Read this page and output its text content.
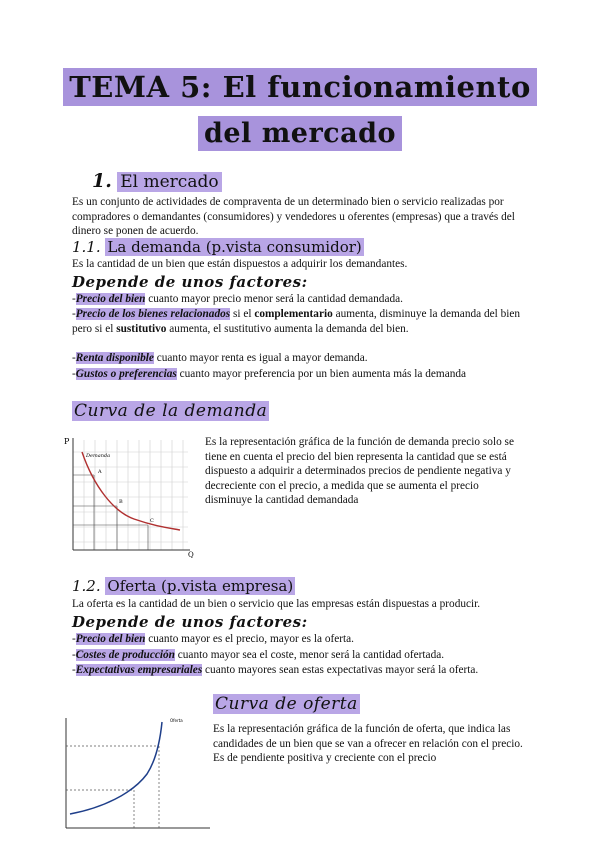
TEMA 5: El funcionamiento
del mercado
1. El mercado
Es un conjunto de actividades de compraventa de un determinado bien o servicio realizadas por compradores o demandantes (consumidores) y vendedores u oferentes (empresas) que a través del dinero se ponen de acuerdo.
1.1. La demanda (p.vista consumidor)
Es la cantidad de un bien que están dispuestos a adquirir los demandantes.
Depende de unos factores:
-Precio del bien cuanto mayor precio menor será la cantidad demandada.
-Precio de los bienes relacionados si el complementario aumenta, disminuye la demanda del bien pero si el sustitutivo aumenta, el sustitutivo aumenta la demanda del bien.
-Renta disponible cuanto mayor renta es igual a mayor demanda.
-Gustos o preferencias cuanto mayor preferencia por un bien aumenta más la demanda
Curva de la demanda
P
Q
Demanda
A
B
C
Es la representación gráfica de la función de demanda precio solo se tiene en cuenta el precio del bien representa la cantidad que se está dispuesto a adquirir a determinados precios de pendiente negativa y decreciente con el precio, a medida que se aumenta el precio disminuye la cantidad demandada
1.2. Oferta (p.vista empresa)
La oferta es la cantidad de un bien o servicio que las empresas están dispuestas a producir.
Depende de unos factores:
-Precio del bien cuanto mayor es el precio, mayor es la oferta.
-Costes de producción cuanto mayor sea el coste, menor será la cantidad ofertada.
-Expectativas empresariales cuanto mayores sean estas expectativas mayor será la oferta.
Curva de oferta
Oferta
Es la representación gráfica de la función de oferta, que indica las candidades de un bien que se van a ofrecer en relación con el precio. Es de pendiente positiva y creciente con el precio
